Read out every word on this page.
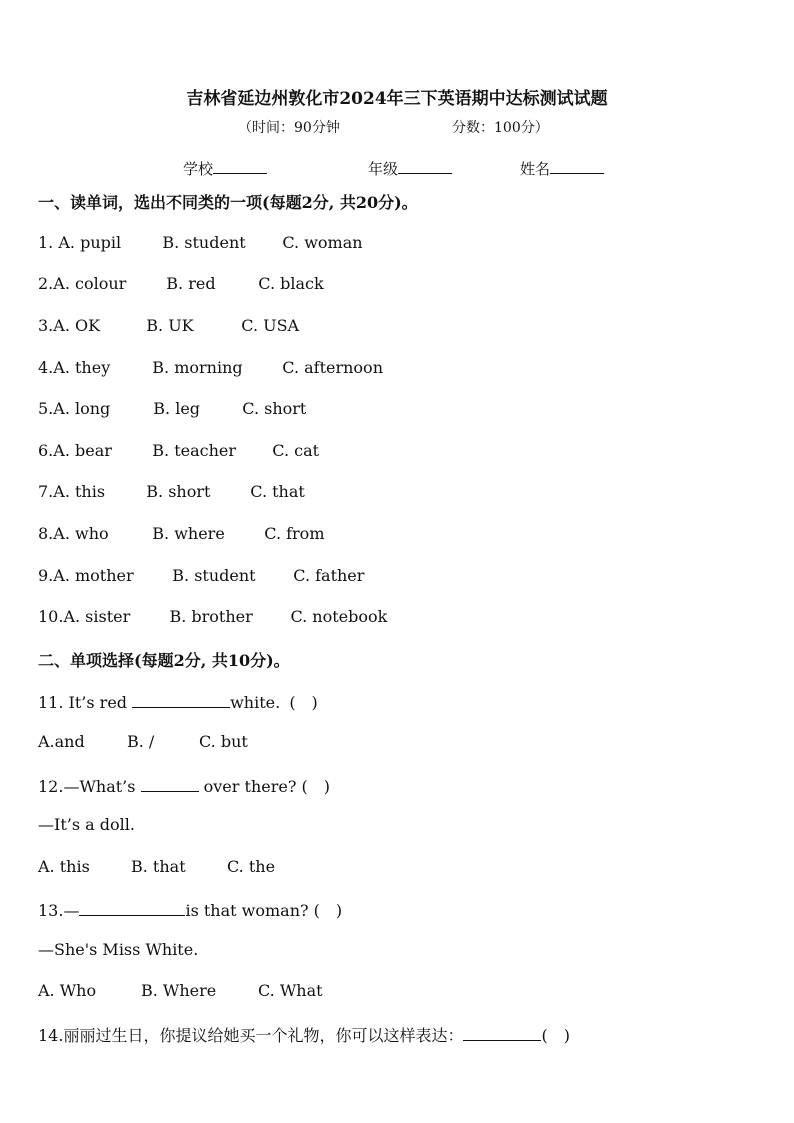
吉林省延边州敦化市2024年三下英语期中达标测试试题
（时间：90分钟	分数：100分）
学校	年级	姓名
一、读单词，选出不同类的一项(每题2分, 共20分)。
1. A. pupil	B. student C. woman
2.A. colour B. red	C. black
3.A. OK	B. UK	C. USA
4.A. they	B. morning C. afternoon
5.A. long	B. leg	C. short
6.A. bear	B. teacher C. cat
7.A. this	B. short C. that
8.A. who	B. where C. from
9.A. mother B. student C. father
10.A. sister B. brother C. notebook
二、单项选择(每题2分, 共10分)。
11. It’s red	white. (　)
A.and	B. /	C. but
12.—What’s	over there? (　)
—It’s a doll.
A. this	B. that	C. the
13.—	is that woman? (　)
—She's Miss White.
A. Who	B. Where	C. What
14.丽丽过生日，你提议给她买一个礼物，你可以这样表达：	(　)
